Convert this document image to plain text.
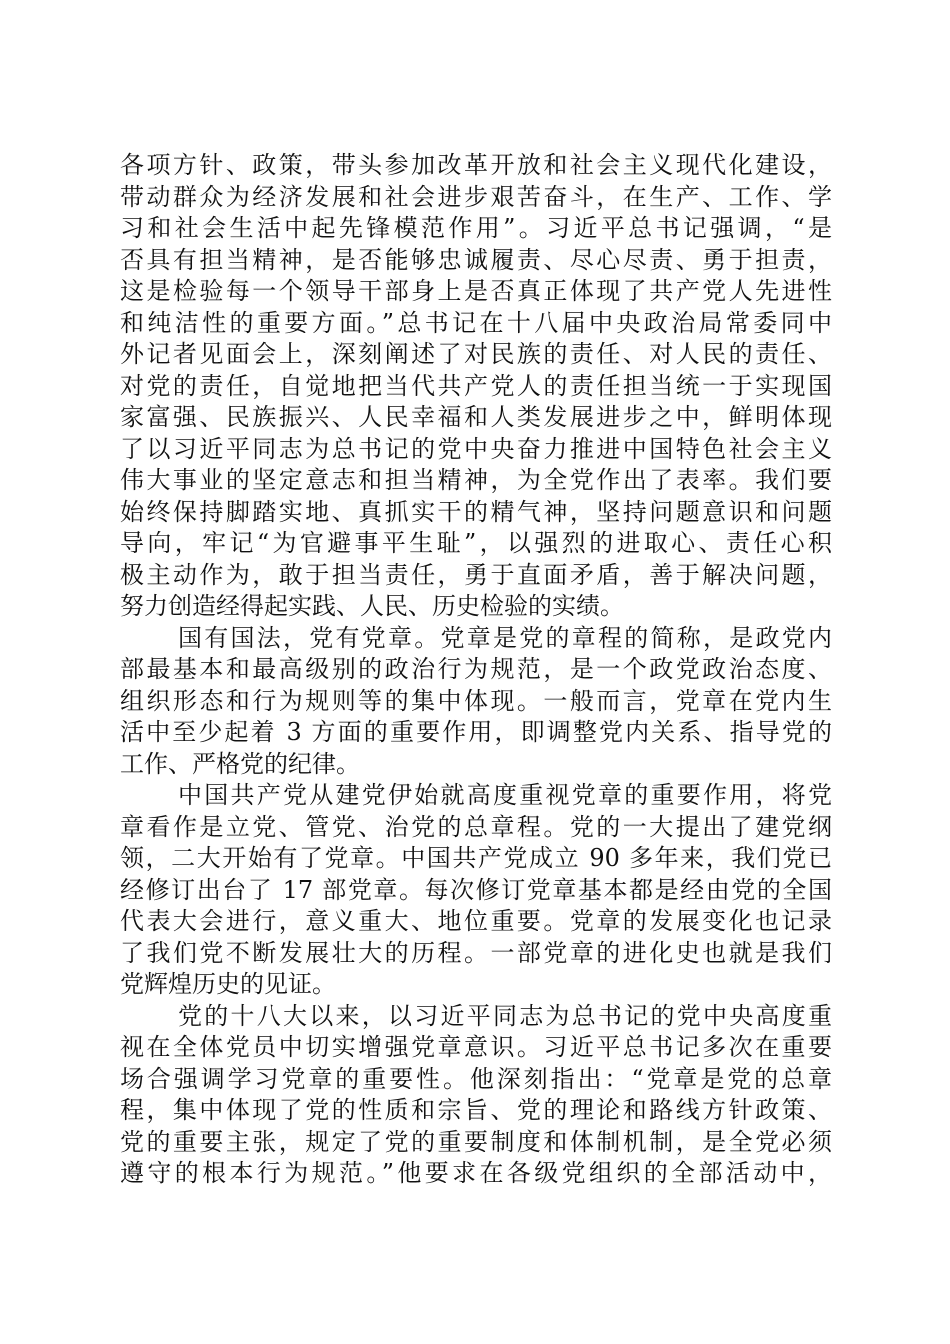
各项方针、政策，带头参加改革开放和社会主义现代化建设，
带动群众为经济发展和社会进步艰苦奋斗，在生产、工作、学
习和社会生活中起先锋模范作用”。习近平总书记强调，“是
否具有担当精神，是否能够忠诚履责、尽心尽责、勇于担责，
这是检验每一个领导干部身上是否真正体现了共产党人先进性
和纯洁性的重要方面。”总书记在十八届中央政治局常委同中
外记者见面会上，深刻阐述了对民族的责任、对人民的责任、
对党的责任，自觉地把当代共产党人的责任担当统一于实现国
家富强、民族振兴、人民幸福和人类发展进步之中，鲜明体现
了以习近平同志为总书记的党中央奋力推进中国特色社会主义
伟大事业的坚定意志和担当精神，为全党作出了表率。我们要
始终保持脚踏实地、真抓实干的精气神，坚持问题意识和问题
导向，牢记“为官避事平生耻”，以强烈的进取心、责任心积
极主动作为，敢于担当责任，勇于直面矛盾，善于解决问题，
努力创造经得起实践、人民、历史检验的实绩。
国有国法，党有党章。党章是党的章程的简称，是政党内
部最基本和最高级别的政治行为规范，是一个政党政治态度、
组织形态和行为规则等的集中体现。一般而言，党章在党内生
活中至少起着 3 方面的重要作用，即调整党内关系、指导党的
工作、严格党的纪律。
中国共产党从建党伊始就高度重视党章的重要作用，将党
章看作是立党、管党、治党的总章程。党的一大提出了建党纲
领，二大开始有了党章。中国共产党成立 90 多年来，我们党已
经修订出台了 17 部党章。每次修订党章基本都是经由党的全国
代表大会进行，意义重大、地位重要。党章的发展变化也记录
了我们党不断发展壮大的历程。一部党章的进化史也就是我们
党辉煌历史的见证。
党的十八大以来，以习近平同志为总书记的党中央高度重
视在全体党员中切实增强党章意识。习近平总书记多次在重要
场合强调学习党章的重要性。他深刻指出：“党章是党的总章
程，集中体现了党的性质和宗旨、党的理论和路线方针政策、
党的重要主张，规定了党的重要制度和体制机制，是全党必须
遵守的根本行为规范。”他要求在各级党组织的全部活动中，
